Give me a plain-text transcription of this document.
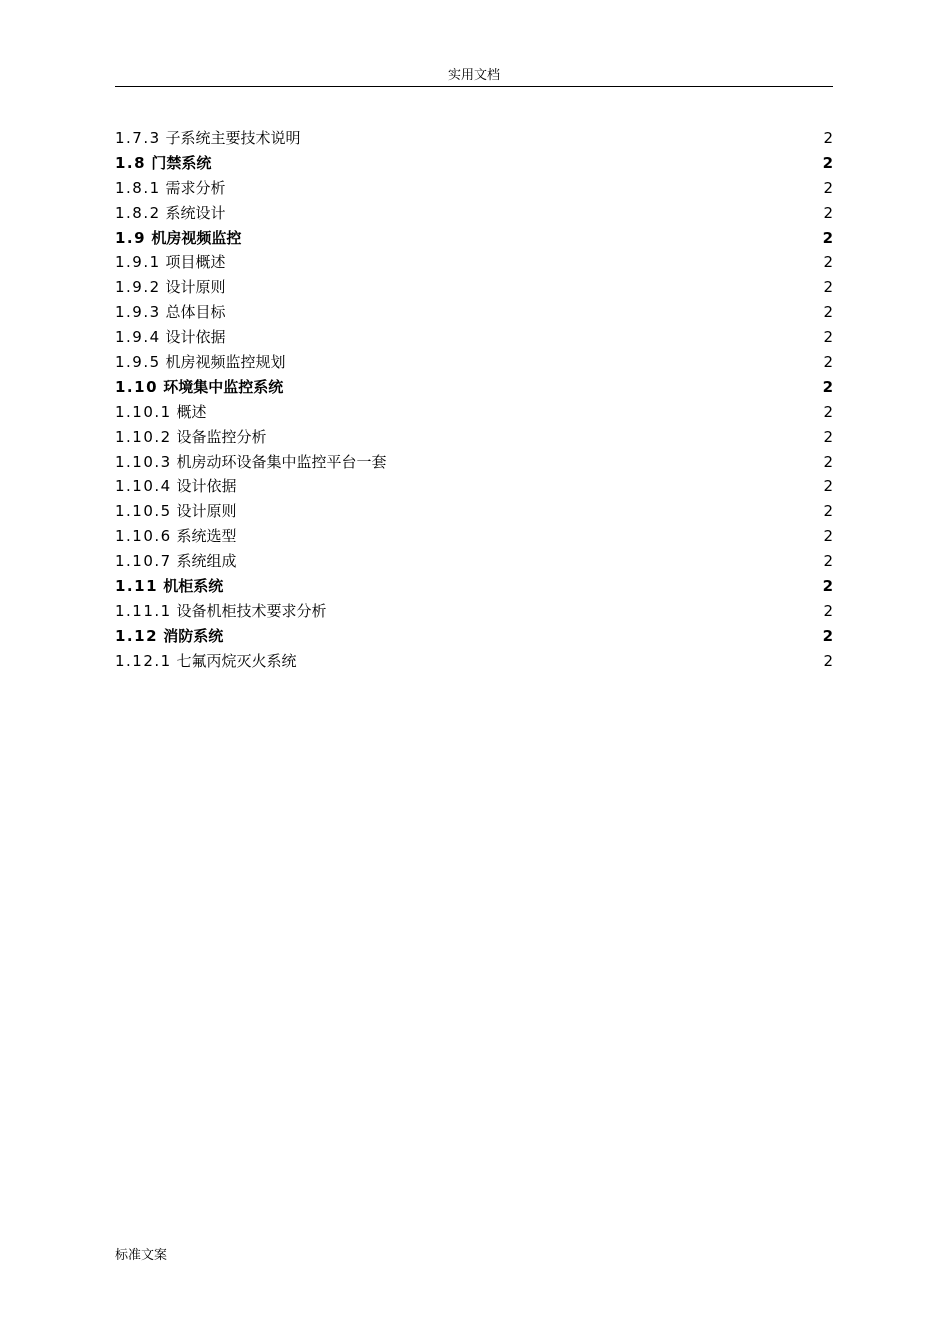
实用文档
1.7.3 子系统主要技术说明	2
1.8 门禁系统	2
1.8.1 需求分析	2
1.8.2 系统设计	2
1.9 机房视频监控	2
1.9.1 项目概述	2
1.9.2 设计原则	2
1.9.3 总体目标	2
1.9.4 设计依据	2
1.9.5 机房视频监控规划	2
1.10 环境集中监控系统	2
1.10.1 概述	2
1.10.2 设备监控分析	2
1.10.3 机房动环设备集中监控平台一套	2
1.10.4 设计依据	2
1.10.5 设计原则	2
1.10.6 系统选型	2
1.10.7 系统组成	2
1.11 机柜系统	2
1.11.1 设备机柜技术要求分析	2
1.12 消防系统	2
1.12.1 七氟丙烷灭火系统	2
标准文案
